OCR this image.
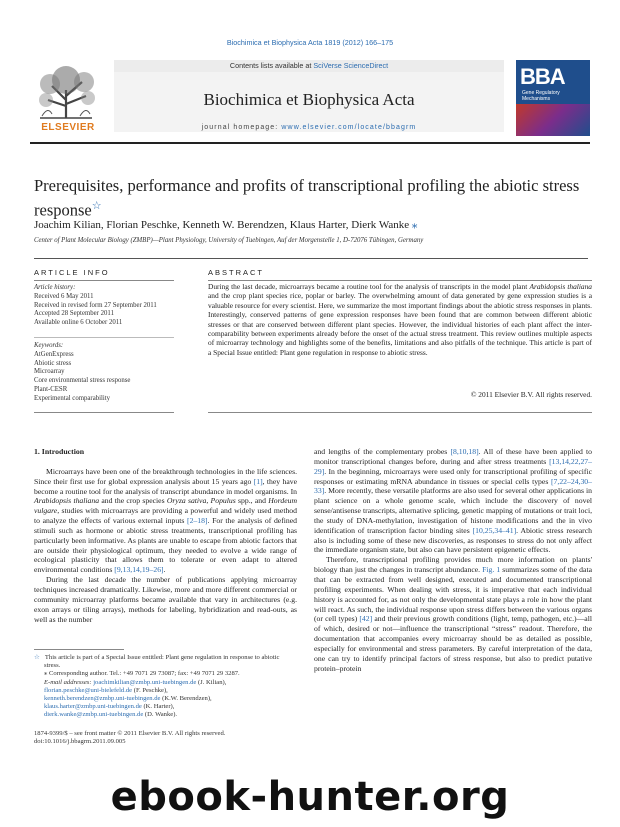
Biochimica et Biophysica Acta 1819 (2012) 166–175
ELSEVIER
Contents lists available at SciVerse ScienceDirect
Biochimica et Biophysica Acta
journal homepage: www.elsevier.com/locate/bbagrm
BBA
Gene Regulatory
Mechanisms
Prerequisites, performance and profits of transcriptional profiling the abiotic stress response☆
Joachim Kilian, Florian Peschke, Kenneth W. Berendzen, Klaus Harter, Dierk Wanke ⁎
Center of Plant Molecular Biology (ZMBP)—Plant Physiology, University of Tuebingen, Auf der Morgenstelle 1, D-72076 Tübingen, Germany
ARTICLE INFO
Article history:
Received 6 May 2011
Received in revised form 27 September 2011
Accepted 28 September 2011
Available online 6 October 2011
Keywords:
AtGenExpress
Abiotic stress
Microarray
Core environmental stress response
Plant-CESR
Experimental comparability
ABSTRACT
During the last decade, microarrays became a routine tool for the analysis of transcripts in the model plant Arabidopsis thaliana and the crop plant species rice, poplar or barley. The overwhelming amount of data generated by gene expression studies is a valuable resource for every scientist. Here, we summarize the most important findings about the abiotic stress responses in plants. Interestingly, conserved patterns of gene expression responses have been found that are common between different abiotic stresses or that are conserved between different plant species. However, the individual histories of each plant affect the inter-comparability between experiments already before the onset of the actual stress treatment. This review outlines multiple aspects of microarray technology and highlights some of the benefits, limitations and also pitfalls of the technique. This article is part of a Special Issue entitled: Plant gene regulation in response to abiotic stress.
© 2011 Elsevier B.V. All rights reserved.
1. Introduction

Microarrays have been one of the breakthrough technologies in the life sciences. Since their first use for global expression analysis about 15 years ago [1], they have become a routine tool for the analysis of transcript abundance in model organisms. In Arabidopsis thaliana and the crop species Oryza sativa, Populus spp., and Hordeum vulgare, studies with microarrays are providing a powerful and widely used method to analyze the effects of various external inputs [2–18]. For the analysis of defined stimuli such as hormone or abiotic stress treatments, transcriptional profiling has particularly been informative. As plants are unable to escape from abiotic factors that are outside their physiological optimum, they needed to evolve a wide range of ecological plasticity that allows them to tolerate or even adapt to altered environmental conditions [9,13,14,19–26].

During the last decade the number of publications applying microarray techniques increased dramatically. Likewise, more and more different commercial or community microarray platforms became available that vary in architectures (e.g. exon arrays or tiling arrays), methods for labeling, hybridization and read-outs, as well as the number

☆ This article is part of a Special Issue entitled: Plant gene regulation in response to abiotic stress.
⁎ Corresponding author. Tel.: +49 7071 29 73087; fax: +49 7071 29 3287.
E-mail addresses: joachimkilian@zmbp.uni-tuebingen.de (J. Kilian),
florian.peschke@uni-bielefeld.de (F. Peschke),
kenneth.berendzen@zmbp.uni-tuebingen.de (K.W. Berendzen),
klaus.harter@zmbp.uni-tuebingen.de (K. Harter),
dierk.wanke@zmbp.uni-tuebingen.de (D. Wanke).
1874-9399/$ – see front matter © 2011 Elsevier B.V. All rights reserved.
doi:10.1016/j.bbagrm.2011.09.005
and lengths of the complementary probes [8,10,18]. All of these have been applied to monitor transcriptional changes before, during and after stress treatments [13,14,22,27–29]. In the beginning, microarrays were used only for transcriptional profiling of specific responses or estimating mRNA abundance in tissues or special cells types [7,22–24,30–33]. More recently, these versatile platforms are also used for several other applications in plant science on a whole genome scale, which include the discovery of novel sense/antisense transcripts, alternative splicing, genetic mapping of mutations or trait loci, the study of DNA-methylation, investigation of histone modifications and the in vivo identification of transcription factor binding sites [10,25,34–41]. Abiotic stress research also is including some of these new discoveries, as responses to stress do not only affect the immediate organism state, but also can have persistent epigenetic effects.

Therefore, transcriptional profiling provides much more information on plants' biology than just the changes in transcript abundance. Fig. 1 summarizes some of the data that can be extracted from well designed, executed and documented transcriptional profiling experiments. When dealing with stress, it is imperative that each individual history is accounted for, as not only the developmental state plays a role in how the plant will react. As such, the individual response upon stress differs between the various organs (or cell types) [42] and their previous growth conditions (light, temp, pathogen, etc.)—all of which, desired or not—influence the transcriptional “stress” readout. Therefore, the documentation that accompanies every microarray should be as detailed as possible, especially for environmental and stress parameters. By careful interpretation of the data, one can try to identify principal factors of stress response, but also to predict putative protein–protein

ebook-hunter.org
